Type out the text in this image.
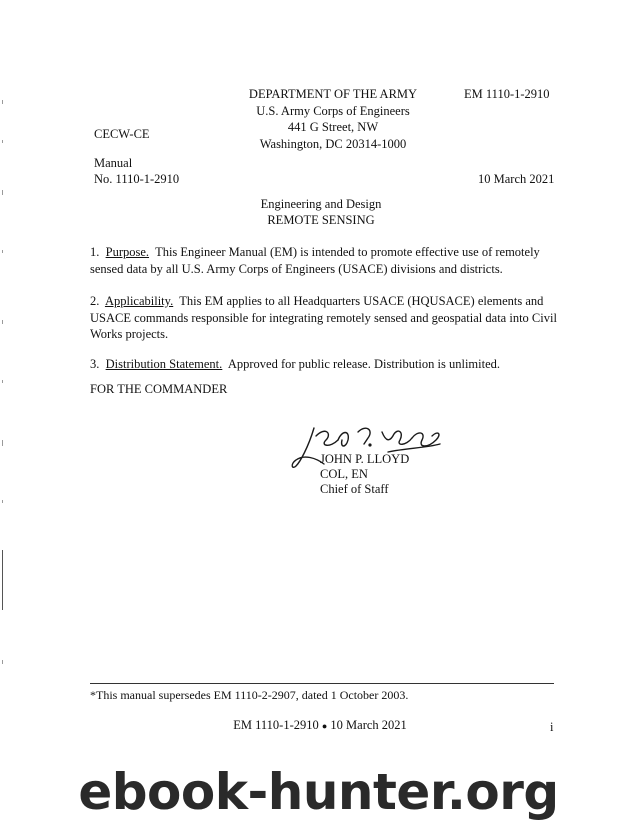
DEPARTMENT OF THE ARMY
U.S. Army Corps of Engineers
441 G Street, NW
Washington, DC 20314-1000
EM 1110-1-2910
CECW-CE
Manual
No. 1110-1-2910	10 March 2021
Engineering and Design
REMOTE SENSING
1. Purpose. This Engineer Manual (EM) is intended to promote effective use of remotely sensed data by all U.S. Army Corps of Engineers (USACE) divisions and districts.
2. Applicability. This EM applies to all Headquarters USACE (HQUSACE) elements and USACE commands responsible for integrating remotely sensed and geospatial data into Civil Works projects.
3. Distribution Statement. Approved for public release. Distribution is unlimited.
FOR THE COMMANDER
JOHN P. LLOYD
COL, EN
Chief of Staff
*This manual supersedes EM 1110-2-2907, dated 1 October 2003.
EM 1110-1-2910 ● 10 March 2021	i
ebook-hunter.org
